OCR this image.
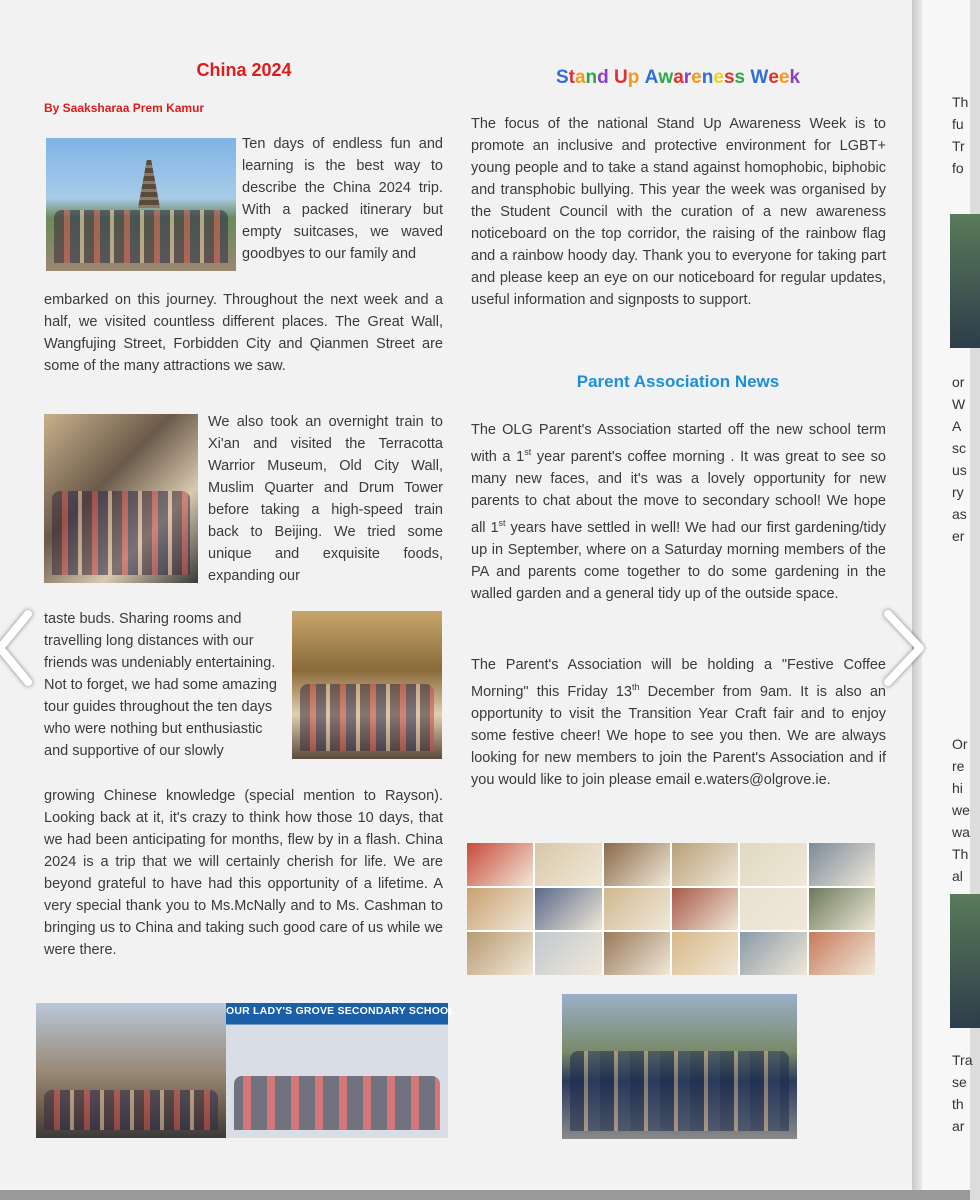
China 2024
By Saaksharaa Prem Kamur

Ten days of endless fun and learning is the best way to describe the China 2024 trip. With a packed itinerary but empty suitcases, we waved goodbyes to our family and

embarked on this journey. Throughout the next week and a half, we visited countless different places. The Great Wall, Wangfujing Street, Forbidden City and Qianmen Street are some of the many attractions we saw.

We also took an overnight train to Xi'an and visited the Terracotta Warrior Museum, Old City Wall, Muslim Quarter and Drum Tower before taking a high-speed train back to Beijing. We tried some unique and exquisite foods, expanding our

taste buds. Sharing rooms and travelling long distances with our friends was undeniably entertaining. Not to forget, we had some amazing tour guides throughout the ten days who were nothing but enthusiastic and supportive of our slowly

growing Chinese knowledge (special mention to Rayson). Looking back at it, it's crazy to think how those 10 days, that we had been anticipating for months, flew by in a flash. China 2024 is a trip that we will certainly cherish for life. We are beyond grateful to have had this opportunity of a lifetime. A very special thank you to Ms.McNally and to Ms. Cashman to bringing us to China and taking such good care of us while we were there.

OUR LADY'S GROVE SECONDARY SCHOOL
Stand Up Awareness Week

The focus of the national Stand Up Awareness Week is to promote an inclusive and protective environment for LGBT+ young people and to take a stand against homophobic, biphobic and transphobic bullying. This year the week was organised by the Student Council with the curation of a new awareness noticeboard on the top corridor, the raising of the rainbow flag and a rainbow hoody day. Thank you to everyone for taking part and please keep an eye on our noticeboard for regular updates, useful information and signposts to support.

Parent Association News

The OLG Parent's Association started off the new school term with a 1st year parent's coffee morning . It was great to see so many new faces, and it's was a lovely opportunity for new parents to chat about the move to secondary school! We hope all 1st years have settled in well! We had our first gardening/tidy up in September, where on a Saturday morning members of the PA and parents come together to do some gardening in the walled garden and a general tidy up of the outside space.

The Parent's Association will be holding a "Festive Coffee Morning" this Friday 13th December from 9am. It is also an opportunity to visit the Transition Year Craft fair and to enjoy some festive cheer! We hope to see you then. We are always looking for new members to join the Parent's Association and if you would like to join please email e.waters@olgrove.ie.

Th
fu
Tr
fo
or
W
A
sc
us
ry
as
er
Or
re
hi
we
wa
Th
al
Tra
se
th
ar
